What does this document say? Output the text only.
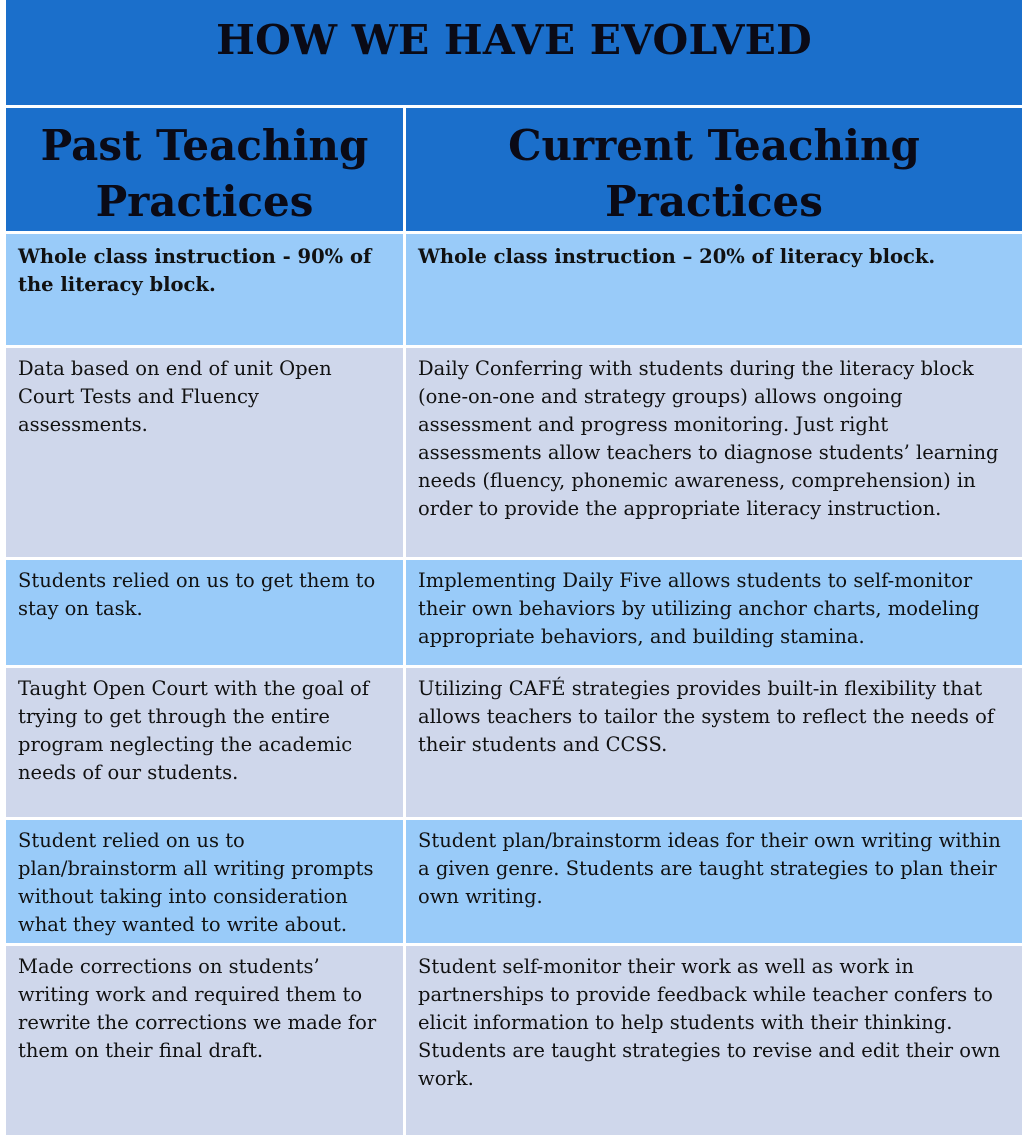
HOW WE HAVE EVOLVED
Past Teaching Practices
Current Teaching Practices
Whole class instruction - 90% of the literacy block.
Whole class instruction – 20% of literacy block.
Data based on end of unit Open Court Tests and Fluency assessments.
Daily Conferring with students during the literacy block (one-on-one and strategy groups) allows ongoing assessment and progress monitoring. Just right assessments allow teachers to diagnose students’ learning needs (fluency, phonemic awareness, comprehension) in order to provide the appropriate literacy instruction.
Students relied on us to get them to stay on task.
Implementing Daily Five allows students to self-monitor their own behaviors by utilizing anchor charts, modeling appropriate behaviors, and building stamina.
Taught Open Court with the goal of trying to get through the entire program neglecting the academic needs of our students.
Utilizing CAFÉ strategies provides built-in flexibility that allows teachers to tailor the system to reflect the needs of their students and CCSS.
Student relied on us to plan/brainstorm all writing prompts without taking into consideration what they wanted to write about.
Student plan/brainstorm ideas for their own writing within a given genre. Students are taught strategies to plan their own writing.
Made corrections on students’ writing work and required them to rewrite the corrections we made for them on their final draft.
Student self-monitor their work as well as work in partnerships to provide feedback while teacher confers to elicit information to help students with their thinking. Students are taught strategies to revise and edit their own work.
